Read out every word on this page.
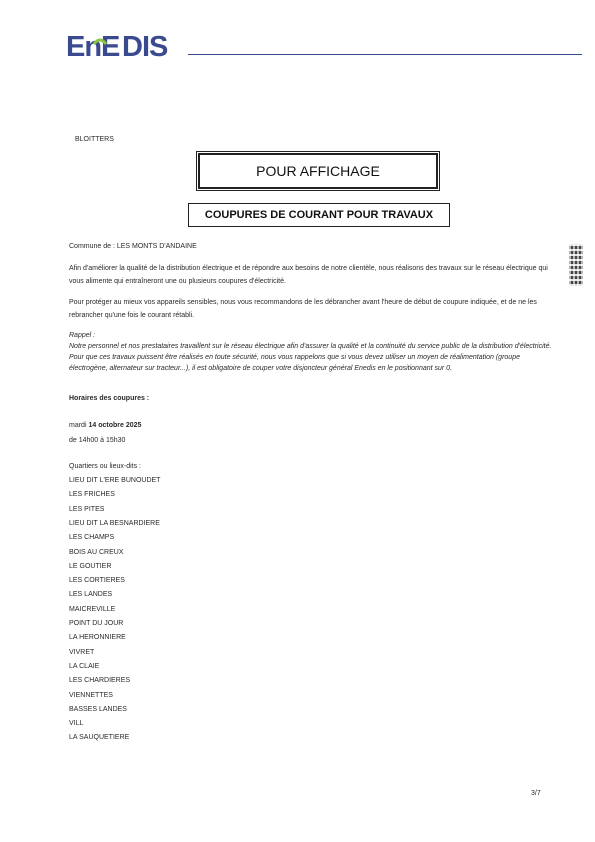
EnE DIS
BLOITTERS
POUR AFFICHAGE
COUPURES DE COURANT POUR TRAVAUX
Commune de : LES MONTS D'ANDAINE
Afin d'améliorer la qualité de la distribution électrique et de répondre aux besoins de notre clientèle, nous réalisons des travaux sur le réseau électrique qui vous alimente qui entraîneront une ou plusieurs coupures d'électricité.
Pour protéger au mieux vos appareils sensibles, nous vous recommandons de les débrancher avant l'heure de début de coupure indiquée, et de ne les rebrancher qu'une fois le courant rétabli.
Rappel :
Notre personnel et nos prestataires travaillent sur le réseau électrique afin d'assurer la qualité et la continuité du service public de la distribution d'électricité. Pour que ces travaux puissent être réalisés en toute sécurité, nous vous rappelons que si vous devez utiliser un moyen de réalimentation (groupe électrogène, alternateur sur tracteur...), il est obligatoire de couper votre disjoncteur général Enedis en le positionnant sur 0.
Horaires des coupures :
mardi 14 octobre 2025
de 14h00 à 15h30
Quartiers ou lieux-dits :
LIEU DIT L'ERE BUNOUDET
LES FRICHES
LES PITES
LIEU DIT LA BESNARDIERE
LES CHAMPS
BOIS AU CREUX
LE GOUTIER
LES CORTIERES
LES LANDES
MAICREVILLE
POINT DU JOUR
LA HERONNIERE
VIVRET
LA CLAIE
LES CHARDIERES
VIENNETTES
BASSES LANDES
VILL
LA SAUQUETIERE
3/7
